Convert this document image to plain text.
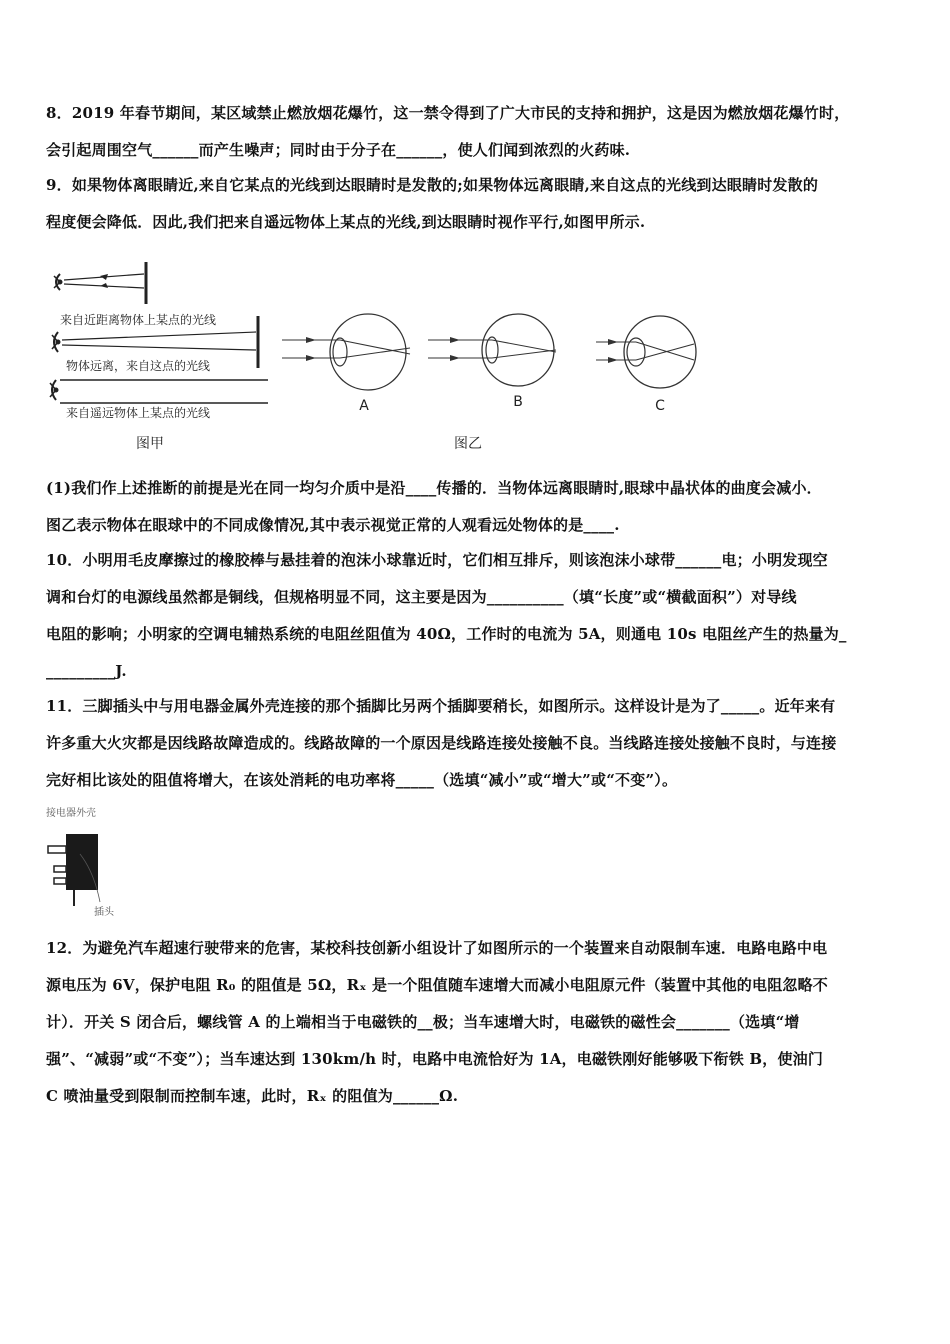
8．2019 年春节期间，某区域禁止燃放烟花爆竹，这一禁令得到了广大市民的支持和拥护，这是因为燃放烟花爆竹时，

会引起周围空气______而产生噪声；同时由于分子在______，使人们闻到浓烈的火药味.

9．如果物体离眼睛近,来自它某点的光线到达眼睛时是发散的;如果物体远离眼睛,来自这点的光线到达眼睛时发散的

程度便会降低．因此,我们把来自遥远物体上某点的光线,到达眼睛时视作平行,如图甲所示.

来自近距离物体上某点的光线
物体远离，来自这点的光线
来自遥远物体上某点的光线
图甲
A	B	C
图乙

(1)我们作上述推断的前提是光在同一均匀介质中是沿____传播的．当物体远离眼睛时,眼球中晶状体的曲度会减小．

图乙表示物体在眼球中的不同成像情况,其中表示视觉正常的人观看远处物体的是____.

10．小明用毛皮摩擦过的橡胶棒与悬挂着的泡沫小球靠近时，它们相互排斥，则该泡沫小球带______电；小明发现空

调和台灯的电源线虽然都是铜线，但规格明显不同，这主要是因为__________（填“长度”或“横截面积”）对导线

电阻的影响；小明家的空调电辅热系统的电阻丝阻值为 40Ω，工作时的电流为 5A，则通电 10s 电阻丝产生的热量为_

_________J.

11．三脚插头中与用电器金属外壳连接的那个插脚比另两个插脚要稍长，如图所示。这样设计是为了_____。近年来有

许多重大火灾都是因线路故障造成的。线路故障的一个原因是线路连接处接触不良。当线路连接处接触不良时，与连接

完好相比该处的阻值将增大，在该处消耗的电功率将_____（选填“减小”或“增大”或“不变”）。

接电器外壳
插头

12．为避免汽车超速行驶带来的危害，某校科技创新小组设计了如图所示的一个装置来自动限制车速．电路电路中电

源电压为 6V，保护电阻 R₀ 的阻值是 5Ω，Rₓ 是一个阻值随车速增大而减小电阻原元件（装置中其他的电阻忽略不

计）．开关 S 闭合后，螺线管 A 的上端相当于电磁铁的__极；当车速增大时，电磁铁的磁性会_______（选填“增

强”、“减弱”或“不变”）；当车速达到 130km/h 时，电路中电流恰好为 1A，电磁铁刚好能够吸下衔铁 B，使油门

C 喷油量受到限制而控制车速，此时，Rₓ 的阻值为______Ω.
